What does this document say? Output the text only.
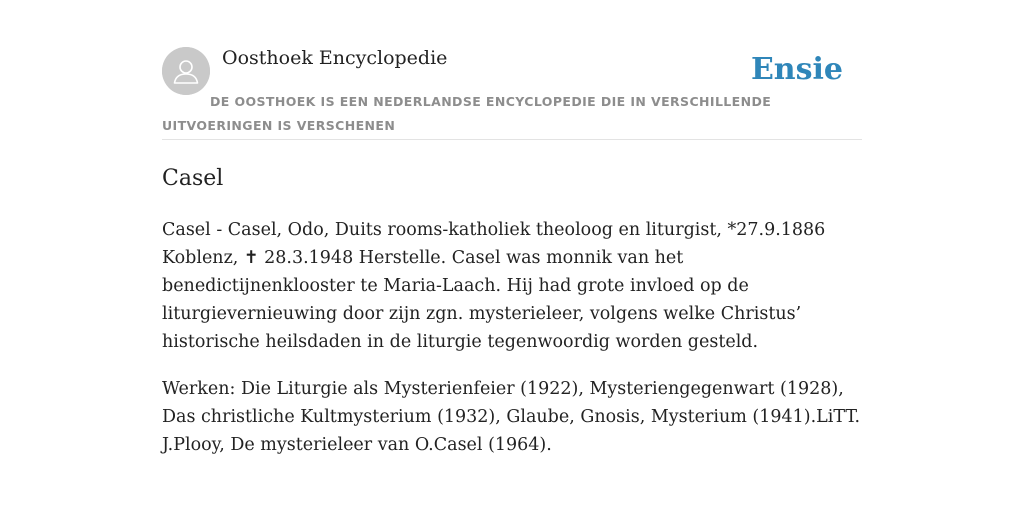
Oosthoek Encyclopedie	Ensie
DE OOSTHOEK IS EEN NEDERLANDSE ENCYCLOPEDIE DIE IN VERSCHILLENDE UITVOERINGEN IS VERSCHENEN
Casel

Casel - Casel, Odo, Duits rooms-katholiek theoloog en liturgist, *27.9.1886 Koblenz, ✝ 28.3.1948 Herstelle. Casel was monnik van het benedictijnenklooster te Maria-Laach. Hij had grote invloed op de liturgievernieuwing door zijn zgn. mysterieleer, volgens welke Christus’ historische heilsdaden in de liturgie tegenwoordig worden gesteld.

Werken: Die Liturgie als Mysterienfeier (1922), Mysteriengegenwart (1928), Das christliche Kultmysterium (1932), Glaube, Gnosis, Mysterium (1941).LiTT. J.Plooy, De mysterieleer van O.Casel (1964).
